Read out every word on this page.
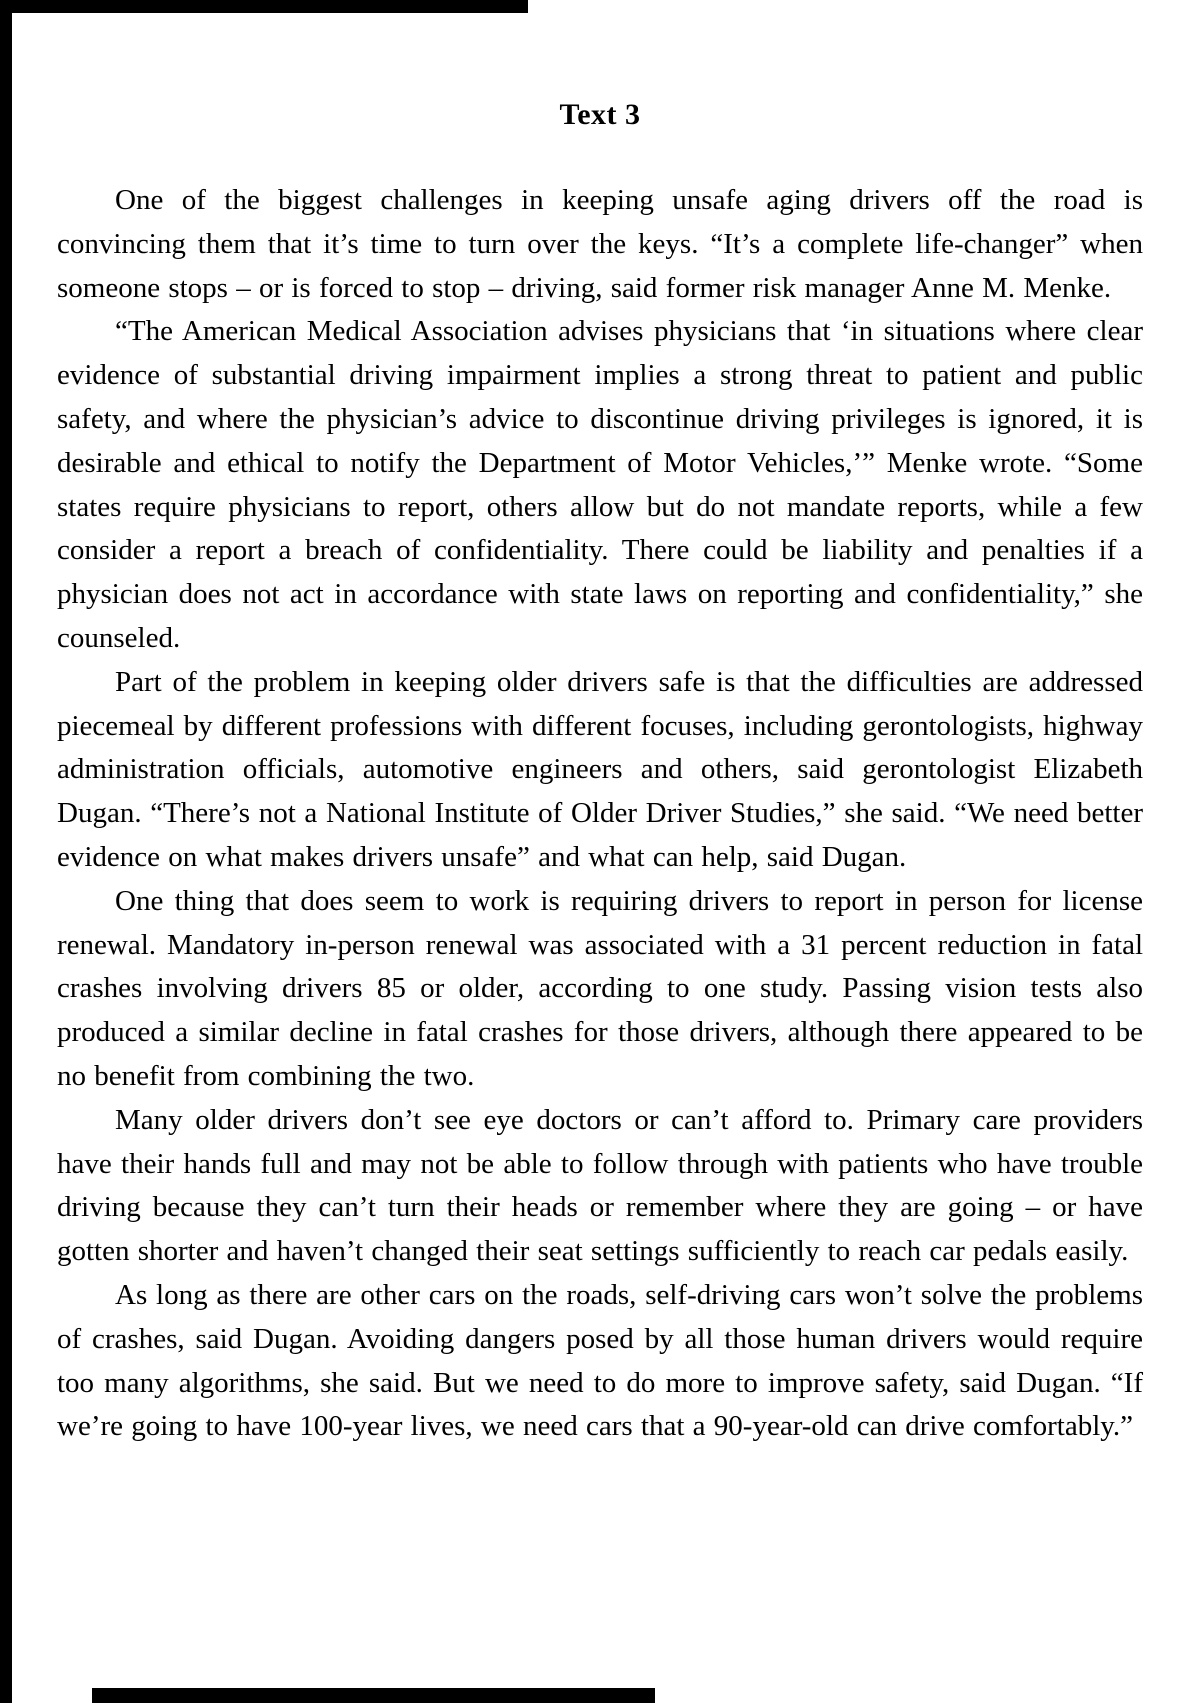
Text 3

One of the biggest challenges in keeping unsafe aging drivers off the road is convincing them that it’s time to turn over the keys. “It’s a complete life-changer” when someone stops – or is forced to stop – driving, said former risk manager Anne M. Menke.

“The American Medical Association advises physicians that ‘in situations where clear evidence of substantial driving impairment implies a strong threat to patient and public safety, and where the physician’s advice to discontinue driving privileges is ignored, it is desirable and ethical to notify the Department of Motor Vehicles,’” Menke wrote. “Some states require physicians to report, others allow but do not mandate reports, while a few consider a report a breach of confidentiality. There could be liability and penalties if a physician does not act in accordance with state laws on reporting and confidentiality,” she counseled.

Part of the problem in keeping older drivers safe is that the difficulties are addressed piecemeal by different professions with different focuses, including gerontologists, highway administration officials, automotive engineers and others, said gerontologist Elizabeth Dugan. “There’s not a National Institute of Older Driver Studies,” she said. “We need better evidence on what makes drivers unsafe” and what can help, said Dugan.

One thing that does seem to work is requiring drivers to report in person for license renewal. Mandatory in-person renewal was associated with a 31 percent reduction in fatal crashes involving drivers 85 or older, according to one study. Passing vision tests also produced a similar decline in fatal crashes for those drivers, although there appeared to be no benefit from combining the two.

Many older drivers don’t see eye doctors or can’t afford to. Primary care providers have their hands full and may not be able to follow through with patients who have trouble driving because they can’t turn their heads or remember where they are going – or have gotten shorter and haven’t changed their seat settings sufficiently to reach car pedals easily.

As long as there are other cars on the roads, self-driving cars won’t solve the problems of crashes, said Dugan. Avoiding dangers posed by all those human drivers would require too many algorithms, she said. But we need to do more to improve safety, said Dugan. “If we’re going to have 100-year lives, we need cars that a 90-year-old can drive comfortably.”
